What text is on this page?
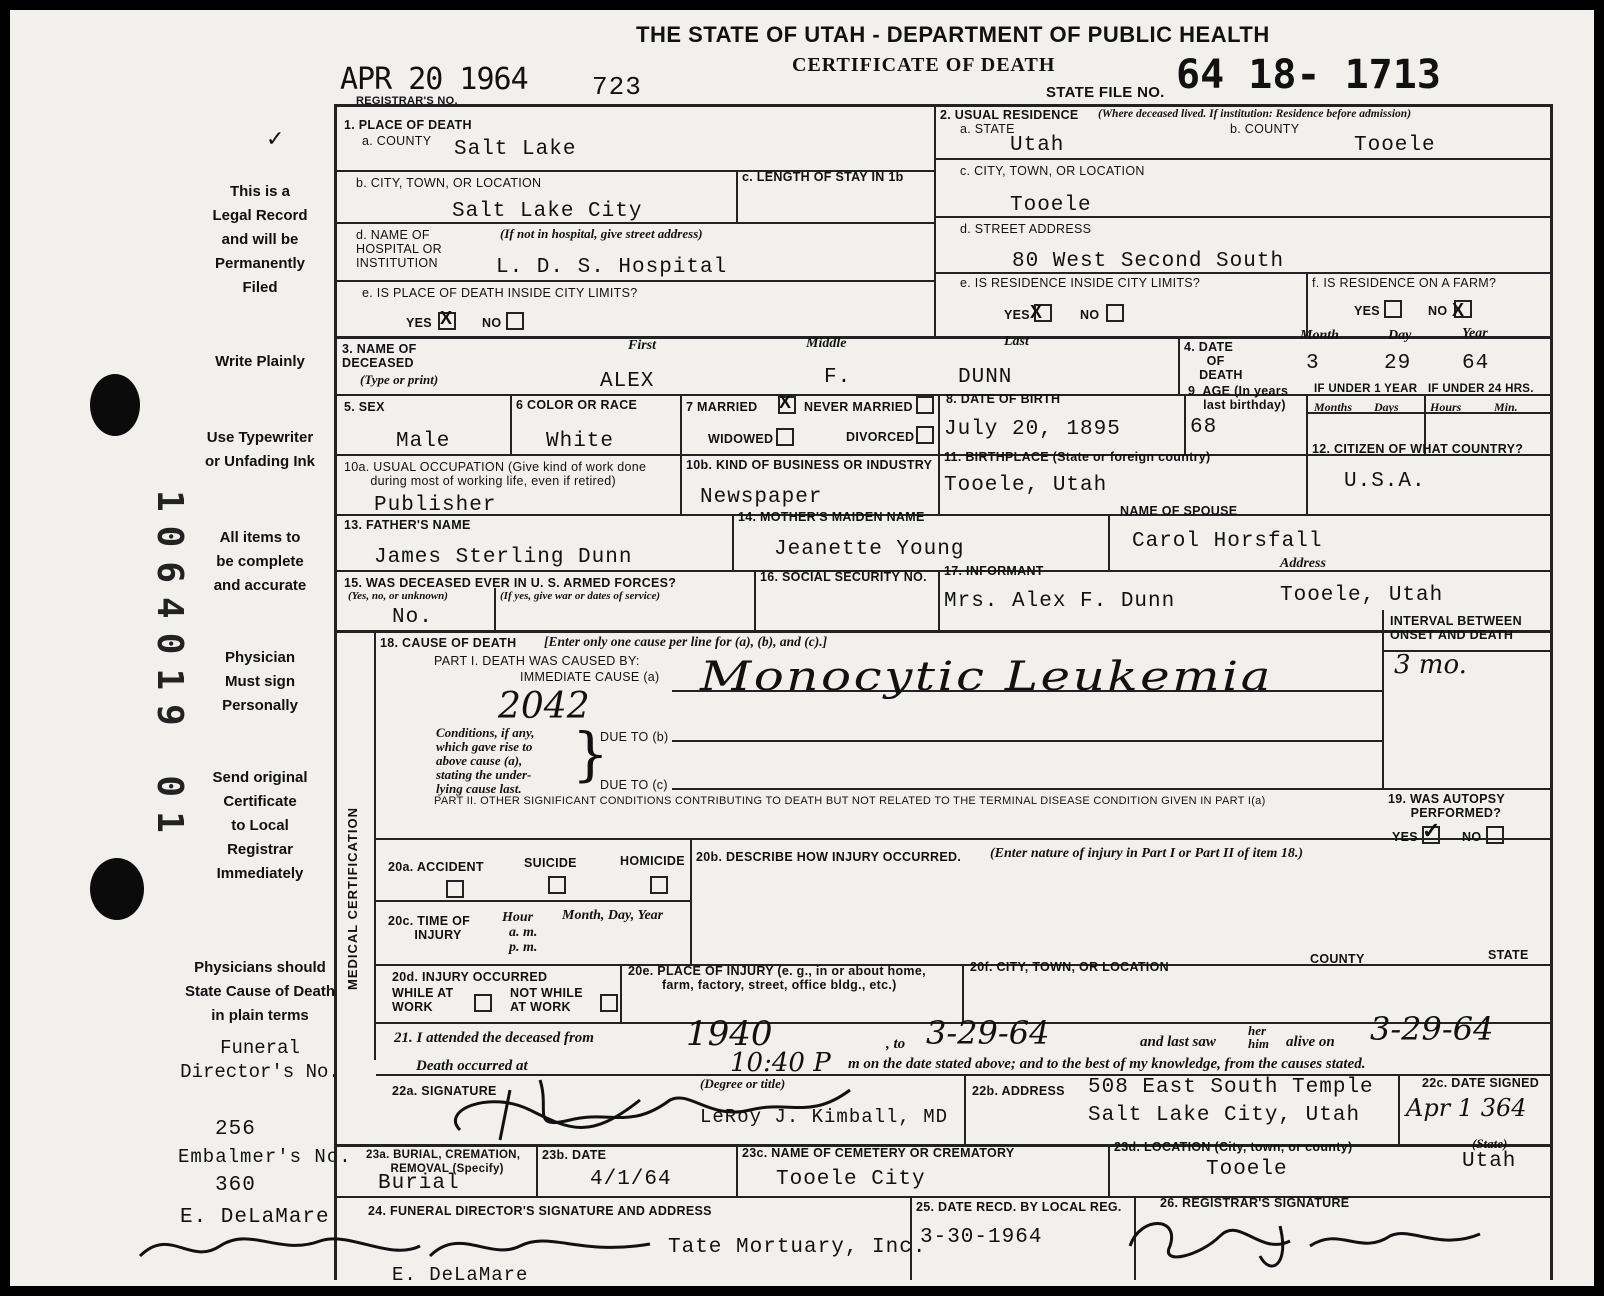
1064019 01
This is a
Legal Record
and will be
Permanently
Filed
Write Plainly
Use Typewriter
or Unfading Ink
All items to
be complete
and accurate
Physician
Must sign
Personally
Send original
Certificate
to Local
Registrar
Immediately
Physicians should
State Cause of Death
in plain terms
Funeral
Director's No.
256
Embalmer's No.
360
E. DeLaMare
THE STATE OF UTAH - DEPARTMENT OF PUBLIC HEALTH
CERTIFICATE OF DEATH
APR 20 1964
REGISTRAR'S NO.	723	STATE FILE NO. 64 18- 1713
✓
1. PLACE OF DEATH
a. COUNTY Salt Lake
b. CITY, TOWN, OR LOCATION
Salt Lake City
c. LENGTH OF STAY IN 1b
d. NAME OF
HOSPITAL OR
INSTITUTION
(If not in hospital, give street address)
L. D. S. Hospital
e. IS PLACE OF DEATH INSIDE CITY LIMITS?
YES X NO
2. USUAL RESIDENCE (Where deceased lived. If institution: Residence before admission)
a. STATE
Utah
b. COUNTY
Tooele
c. CITY, TOWN, OR LOCATION
Tooele
d. STREET ADDRESS
80 West Second South
e. IS RESIDENCE INSIDE CITY LIMITS?
YES X	NO
f. IS RESIDENCE ON A FARM?
YES	NO X
3. NAME OF
DECEASED
(Type or print)
First	Middle	Last
ALEX	F.	DUNN
4. DATE
OF
DEATH
Month	Day	Year
3	29 64
5. SEX
Male
6 COLOR OR RACE
White
7 MARRIED X NEVER MARRIED
WIDOWED	DIVORCED
8. DATE OF BIRTH
July 20, 1895
9  AGE (In years
last birthday)
68
IF UNDER 1 YEAR IF UNDER 24 HRS.
Months Days	Hours	Min.
10a. USUAL OCCUPATION (Give kind of work done
during most of working life, even if retired)
Publisher
10b. KIND OF BUSINESS OR INDUSTRY
Newspaper
11. BIRTHPLACE (State or foreign country)
Tooele, Utah
12. CITIZEN OF WHAT COUNTRY?
U.S.A.
13. FATHER'S NAME
James Sterling Dunn
14. MOTHER'S MAIDEN NAME
Jeanette Young
NAME OF SPOUSE
Carol Horsfall
15. WAS DECEASED EVER IN U. S. ARMED FORCES?
(Yes, no, or unknown)	(If yes, give war or dates of service)
No.
16. SOCIAL SECURITY NO. 17. INFORMANT
Mrs. Alex F. Dunn
Address
Tooele, Utah
MEDICAL CERTIFICATION
18. CAUSE OF DEATH [Enter only one cause per line for (a), (b), and (c).]
PART I. DEATH WAS CAUSED BY:
IMMEDIATE CAUSE (a) Monocytic Leukemia
2042
Conditions, if any,
which gave rise to
above cause (a),
stating the under-
lying cause last.
}
DUE TO (b)
DUE TO (c)
INTERVAL BETWEEN
ONSET AND DEATH
3 mo.
PART II. OTHER SIGNIFICANT CONDITIONS CONTRIBUTING TO DEATH BUT NOT RELATED TO THE TERMINAL DISEASE CONDITION GIVEN IN PART I(a)	19. WAS AUTOPSY
PERFORMED?
YES ✓ NO
20a. ACCIDENT	SUICIDE	HOMICIDE 20b. DESCRIBE HOW INJURY OCCURRED. (Enter nature of injury in Part I or Part II of item 18.)
20c. TIME OF
INJURY
Hour
a. m.
p. m.
Month, Day, Year
20d. INJURY OCCURRED
WHILE AT
WORK
NOT WHILE
AT WORK
20e. PLACE OF INJURY (e. g., in or about home,
farm, factory, street, office bldg., etc.)
20f. CITY, TOWN, OR LOCATION
COUNTY	STATE
21. I attended the deceased from	1940	, to 3-29-64	and last saw
her
him alive on 3-29-64
Death occurred at	10:40 P m on the date stated above; and to the best of my knowledge, from the causes stated.
22a. SIGNATURE	(Degree or title)
LeRoy J. Kimball, MD
22b. ADDRESS 508 East South Temple
Salt Lake City, Utah
22c. DATE SIGNED
Apr 1 364
23a. BURIAL, CREMATION,
REMOVAL (Specify)
Burial
23b. DATE
4/1/64
23c. NAME OF CEMETERY OR CREMATORY
Tooele City
23d. LOCATION (City, town, or county)
Tooele
(State)
Utah
24. FUNERAL DIRECTOR'S SIGNATURE AND ADDRESS
Tate Mortuary, Inc.
E. DeLaMare
25. DATE RECD. BY LOCAL REG.
3-30-1964
26. REGISTRAR'S SIGNATURE
